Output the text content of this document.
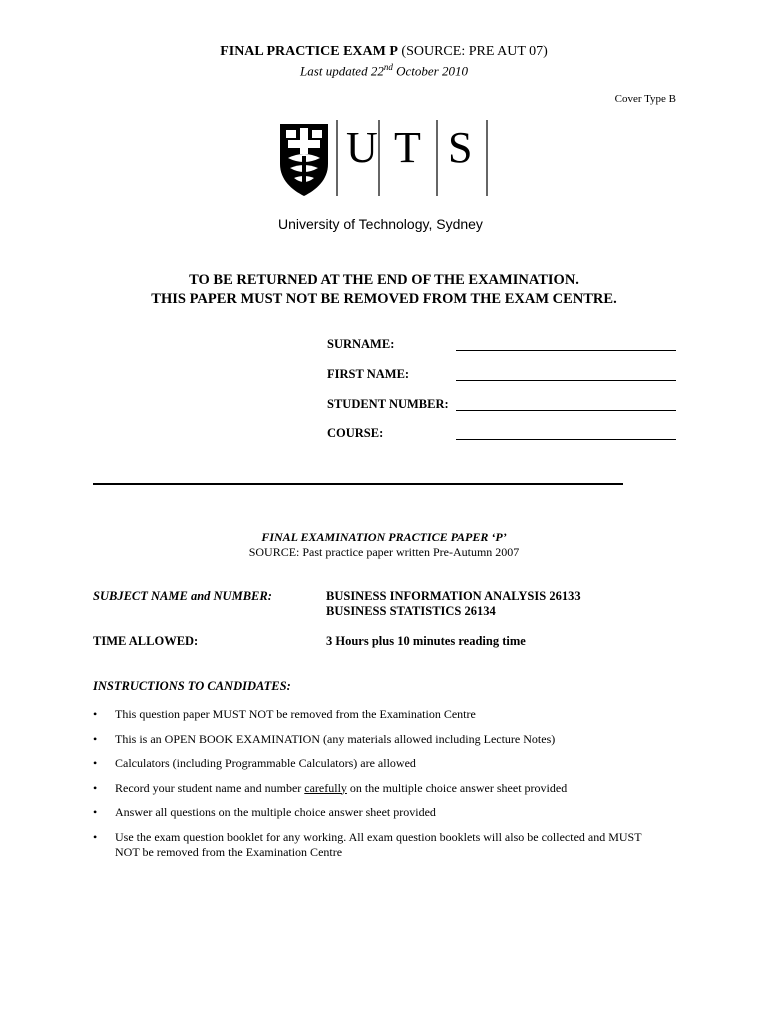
FINAL PRACTICE EXAM P (SOURCE: PRE AUT 07)
Last updated 22nd October 2010
Cover Type B
U T S
University of Technology, Sydney
TO BE RETURNED AT THE END OF THE EXAMINATION.
THIS PAPER MUST NOT BE REMOVED FROM THE EXAM CENTRE.
SURNAME:
FIRST NAME:
STUDENT NUMBER:
COURSE:
FINAL EXAMINATION PRACTICE PAPER ‘P’
SOURCE: Past practice paper written Pre-Autumn 2007
SUBJECT NAME and NUMBER:	BUSINESS INFORMATION ANALYSIS 26133
BUSINESS STATISTICS 26134
TIME ALLOWED:	3 Hours plus 10 minutes reading time
INSTRUCTIONS TO CANDIDATES:
• This question paper MUST NOT be removed from the Examination Centre
• This is an OPEN BOOK EXAMINATION (any materials allowed including Lecture Notes)
• Calculators (including Programmable Calculators) are allowed
• Record your student name and number carefully on the multiple choice answer sheet provided
• Answer all questions on the multiple choice answer sheet provided
• Use the exam question booklet for any working. All exam question booklets will also be collected and MUST NOT be removed from the Examination Centre
